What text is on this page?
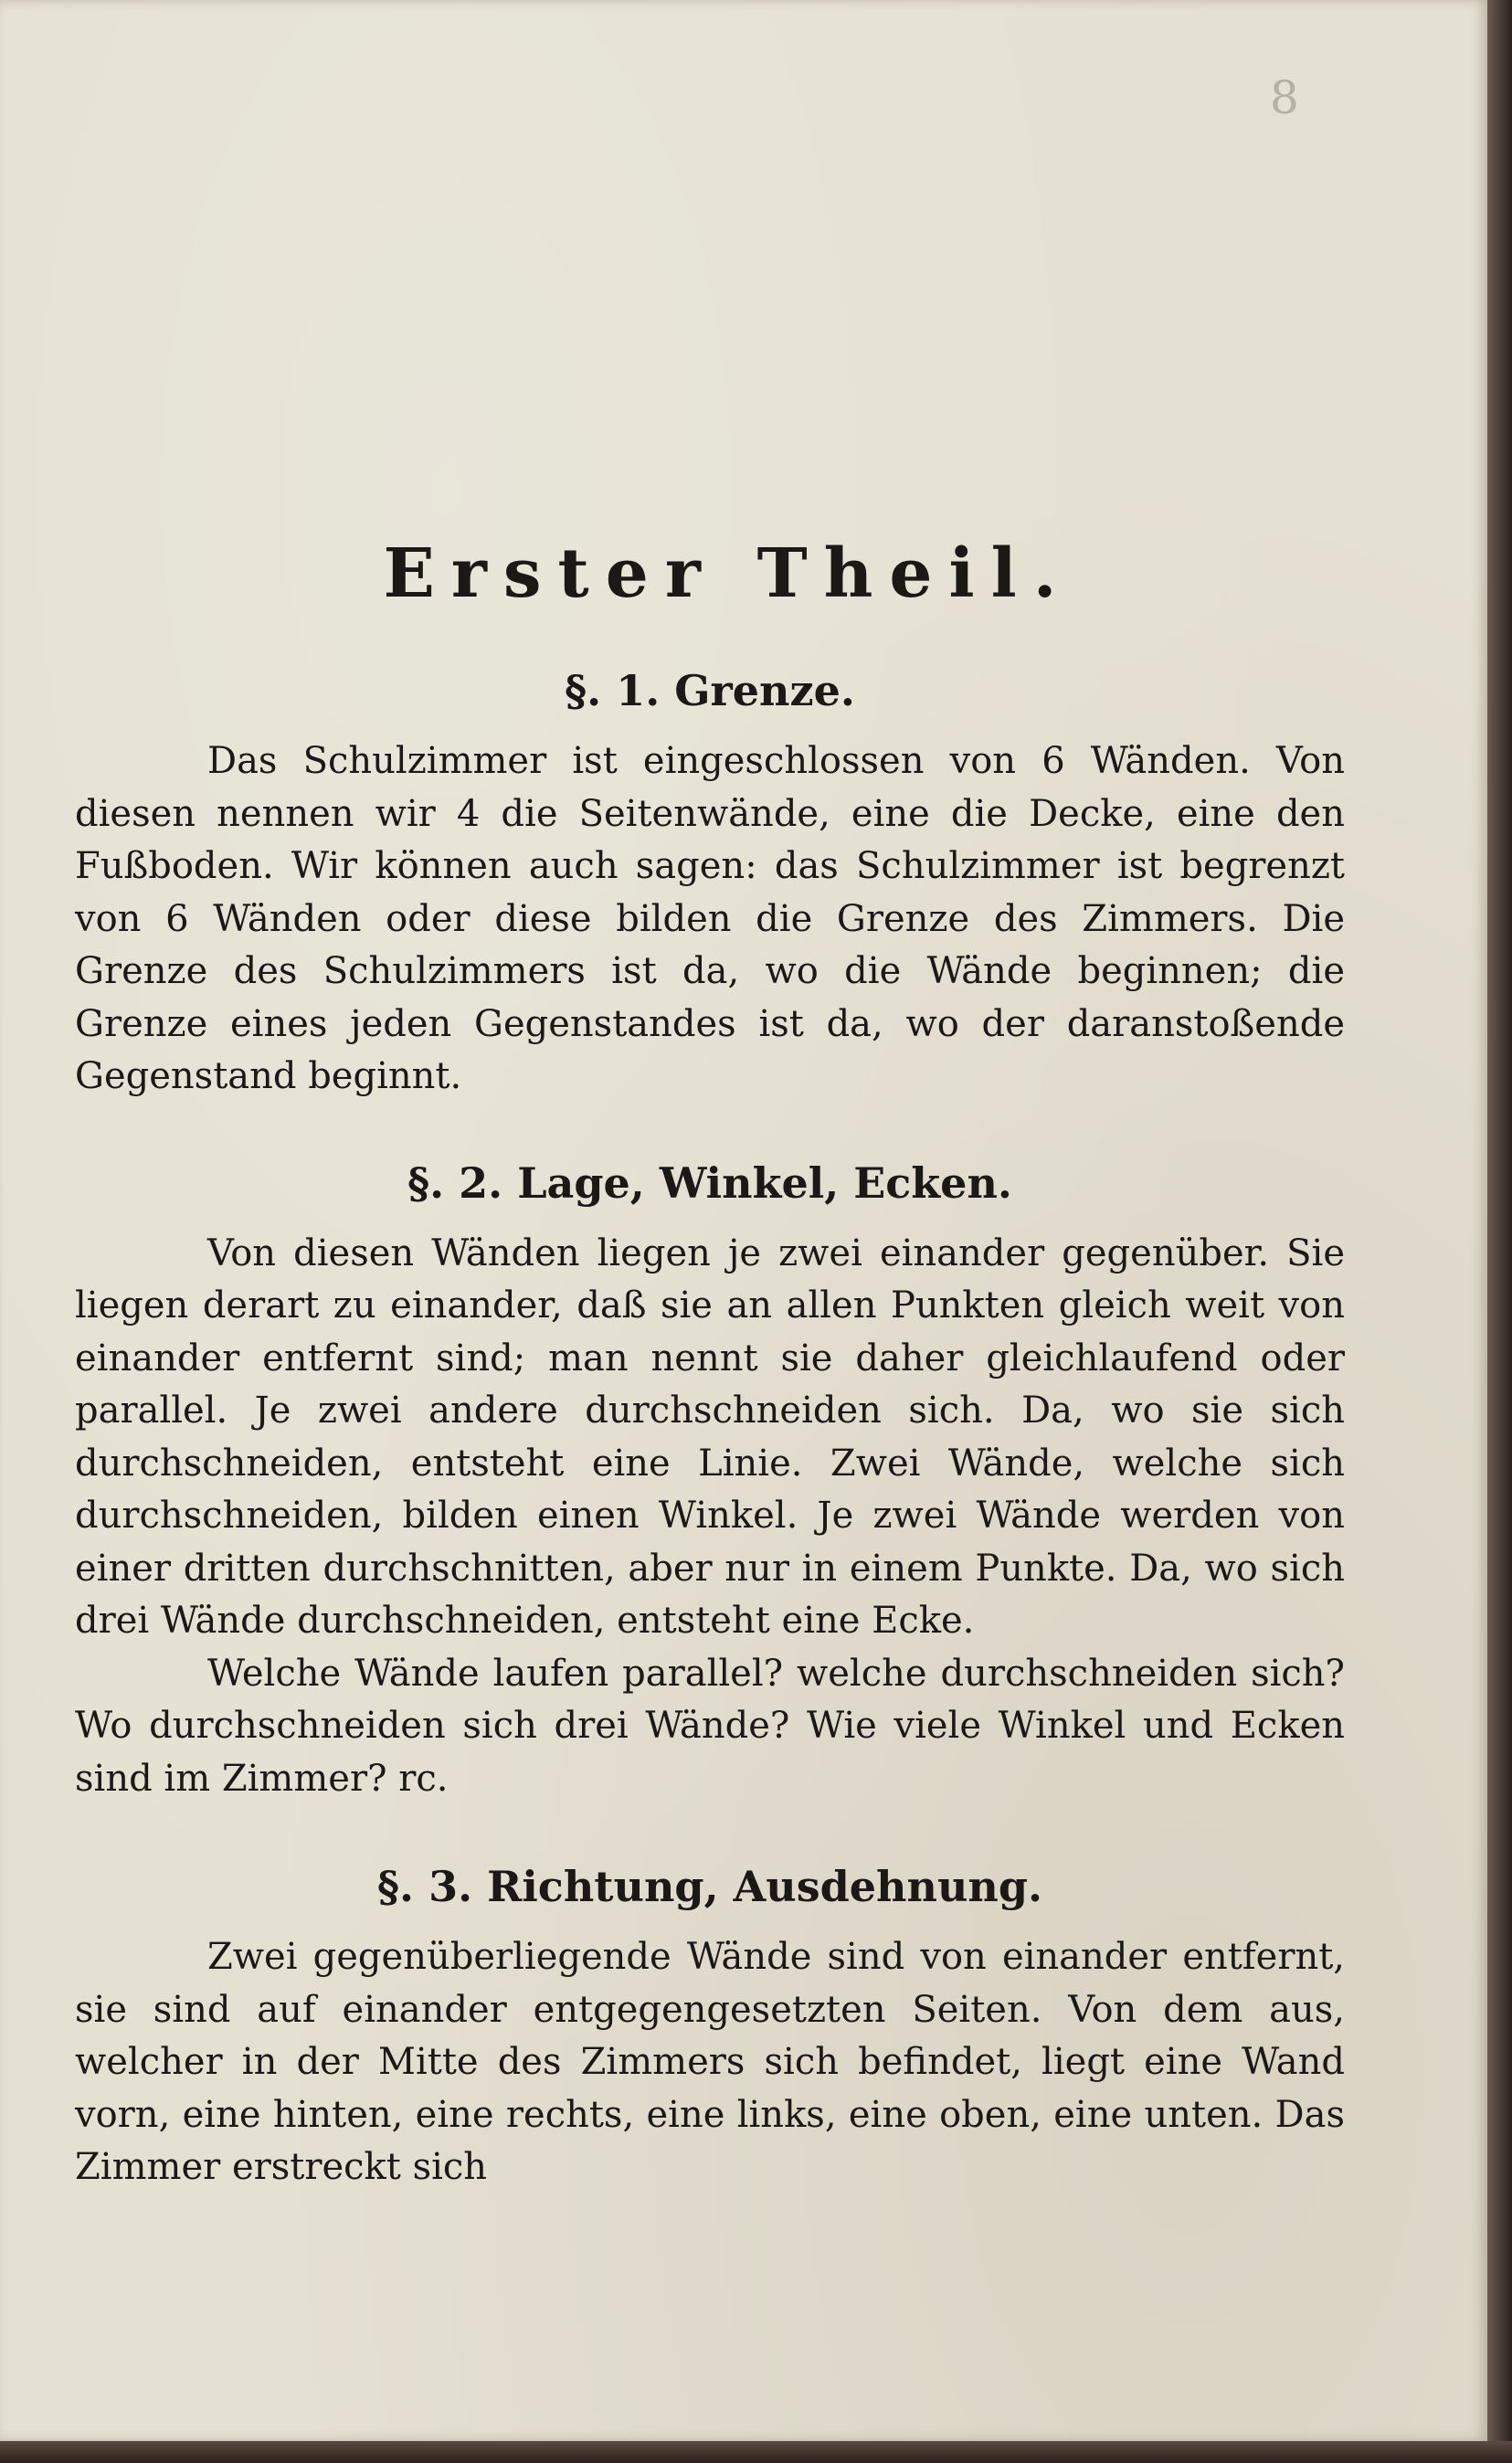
8
Erster Theil.
§. 1. Grenze.

Das Schulzimmer ist eingeschlossen von 6 Wänden. Von diesen nennen wir 4 die Seitenwände, eine die Decke, eine den Fußboden. Wir können auch sagen: das Schulzimmer ist begrenzt von 6 Wänden oder diese bilden die Grenze des Zimmers. Die Grenze des Schulzimmers ist da, wo die Wände beginnen; die Grenze eines jeden Gegenstandes ist da, wo der daranstoßende Gegenstand beginnt.

§. 2. Lage, Winkel, Ecken.

Von diesen Wänden liegen je zwei einander gegenüber. Sie liegen derart zu einander, daß sie an allen Punkten gleich weit von einander entfernt sind; man nennt sie daher gleichlaufend oder parallel. Je zwei andere durchschneiden sich. Da, wo sie sich durchschneiden, entsteht eine Linie. Zwei Wände, welche sich durchschneiden, bilden einen Winkel. Je zwei Wände werden von einer dritten durchschnitten, aber nur in einem Punkte. Da, wo sich drei Wände durchschneiden, entsteht eine Ecke.

Welche Wände laufen parallel? welche durchschneiden sich? Wo durchschneiden sich drei Wände? Wie viele Winkel und Ecken sind im Zimmer? rc.

§. 3. Richtung, Ausdehnung.

Zwei gegenüberliegende Wände sind von einander entfernt, sie sind auf einander entgegengesetzten Seiten. Von dem aus, welcher in der Mitte des Zimmers sich befindet, liegt eine Wand vorn, eine hinten, eine rechts, eine links, eine oben, eine unten. Das Zimmer erstreckt sich
